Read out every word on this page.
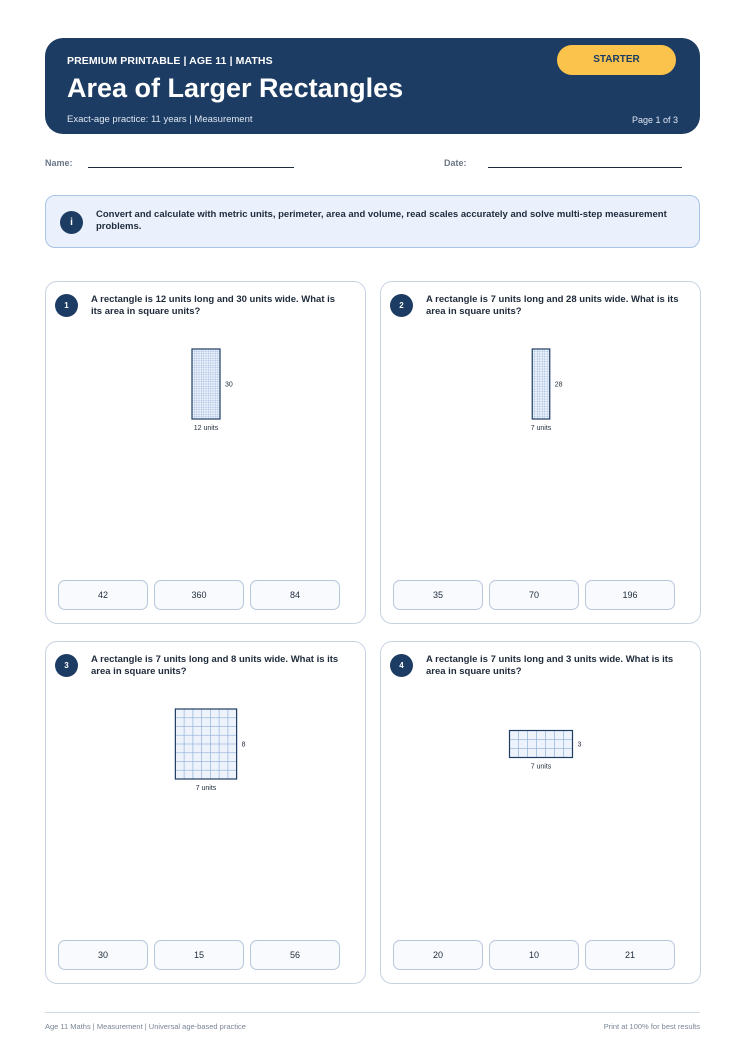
PREMIUM PRINTABLE | AGE 11 | MATHS
Area of Larger Rectangles
Exact-age practice: 11 years | Measurement	Page 1 of 3
STARTER
Name:	Date:
i
Convert and calculate with metric units, perimeter, area and volume, read scales accurately and solve multi-step measurement problems.
1
A rectangle is 12 units long and 30 units wide. What is its area in square units?
12 units
30
42	360	84
2
A rectangle is 7 units long and 28 units wide. What is its area in square units?
7 units
28
35	70	196
3
A rectangle is 7 units long and 8 units wide. What is its area in square units?
7 units
8
30	15	56
4
A rectangle is 7 units long and 3 units wide. What is its area in square units?
7 units
3
20	10	21
Age 11 Maths | Measurement | Universal age-based practice	Print at 100% for best results
